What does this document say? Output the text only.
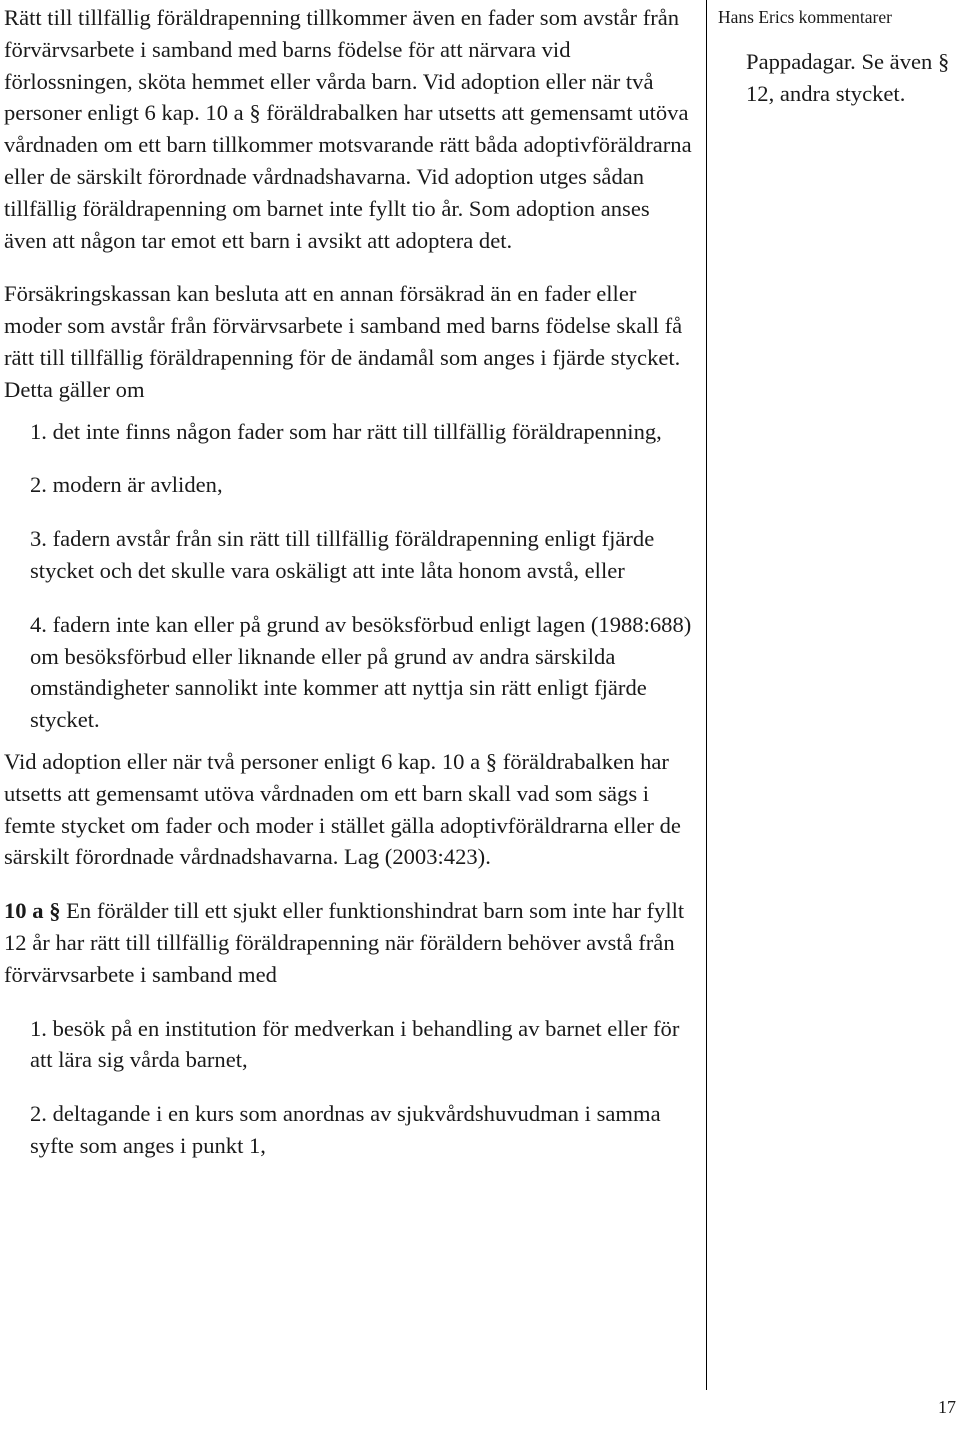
Rätt till tillfällig föräldrapenning tillkommer även en fader som avstår från förvärvsarbete i samband med barns födelse för att närvara vid förlossningen, sköta hemmet eller vårda barn. Vid adoption eller när två personer enligt 6 kap. 10 a § föräldrabalken har utsetts att gemensamt utöva vårdnaden om ett barn tillkommer motsvarande rätt båda adoptivföräldrarna eller de särskilt förordnade vårdnadshavarna. Vid adoption utges sådan tillfällig föräldrapenning om barnet inte fyllt tio år. Som adoption anses även att någon tar emot ett barn i avsikt att adoptera det.

Försäkringskassan kan besluta att en annan försäkrad än en fader eller moder som avstår från förvärvsarbete i samband med barns födelse skall få rätt till tillfällig föräldrapenning för de ändamål som anges i fjärde stycket. Detta gäller om

1. det inte finns någon fader som har rätt till tillfällig föräldrapenning,
2. modern är avliden,
3. fadern avstår från sin rätt till tillfällig föräldrapenning enligt fjärde stycket och det skulle vara oskäligt att inte låta honom avstå, eller
4. fadern inte kan eller på grund av besöksförbud enligt lagen (1988:688) om besöksförbud eller liknande eller på grund av andra särskilda omständigheter sannolikt inte kommer att nyttja sin rätt enligt fjärde stycket.

Vid adoption eller när två personer enligt 6 kap. 10 a § föräldrabalken har utsetts att gemensamt utöva vårdnaden om ett barn skall vad som sägs i femte stycket om fader och moder i stället gälla adoptivföräldrarna eller de särskilt förordnade vårdnadshavarna. Lag (2003:423).

10 a § En förälder till ett sjukt eller funktionshindrat barn som inte har fyllt 12 år har rätt till tillfällig föräldrapenning när föräldern behöver avstå från förvärvsarbete i samband med

1. besök på en institution för medverkan i behandling av barnet eller för att lära sig vårda barnet,
2. deltagande i en kurs som anordnas av sjukvårdshuvudman i samma syfte som anges i punkt 1,
Hans Erics kommentarer
Pappadagar. Se även § 12, andra stycket.
17
